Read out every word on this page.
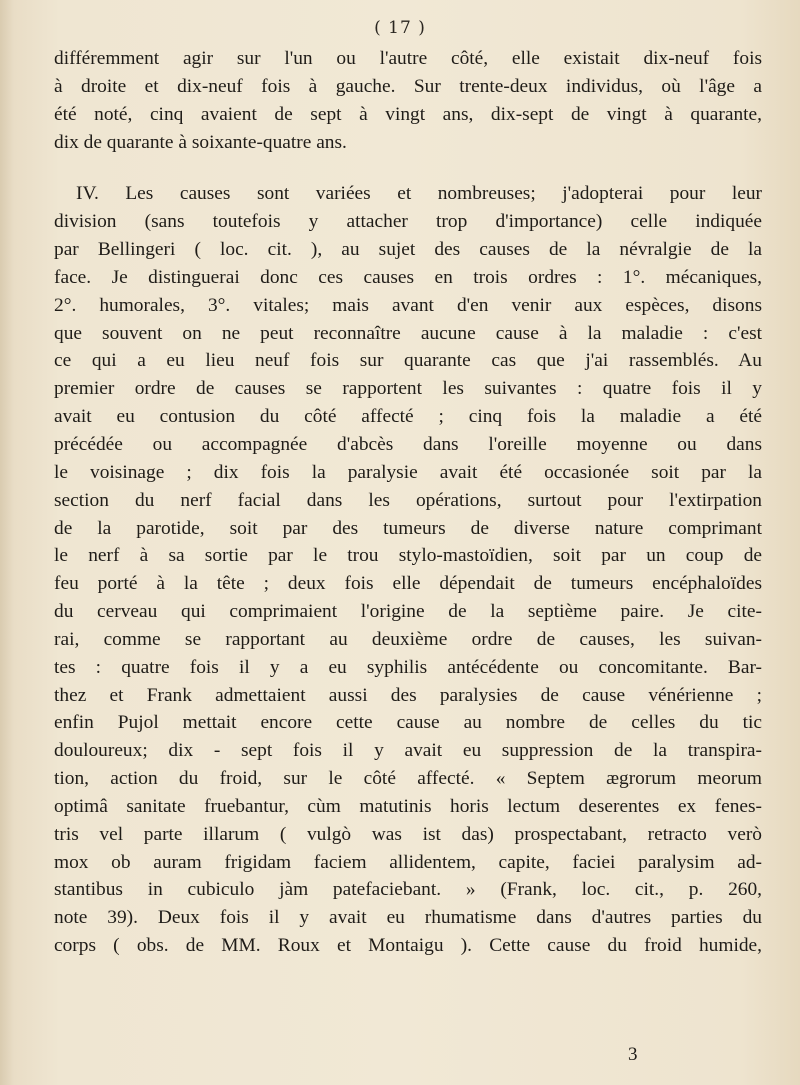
( 17 )
différemment agir sur l'un ou l'autre côté, elle existait dix-neuf fois
à droite et dix-neuf fois à gauche. Sur trente-deux individus, où l'âge a
été noté, cinq avaient de sept à vingt ans, dix-sept de vingt à quarante,
dix de quarante à soixante-quatre ans.
IV. Les causes sont variées et nombreuses; j'adopterai pour leur
division (sans toutefois y attacher trop d'importance) celle indiquée
par Bellingeri ( loc. cit. ), au sujet des causes de la névralgie de la
face. Je distinguerai donc ces causes en trois ordres : 1°. mécaniques,
2°. humorales, 3°. vitales; mais avant d'en venir aux espèces, disons
que souvent on ne peut reconnaître aucune cause à la maladie : c'est
ce qui a eu lieu neuf fois sur quarante cas que j'ai rassemblés. Au
premier ordre de causes se rapportent les suivantes : quatre fois il y
avait eu contusion du côté affecté ; cinq fois la maladie a été
précédée ou accompagnée d'abcès dans l'oreille moyenne ou dans
le voisinage ; dix fois la paralysie avait été occasionée soit par la
section du nerf facial dans les opérations, surtout pour l'extirpation
de la parotide, soit par des tumeurs de diverse nature comprimant
le nerf à sa sortie par le trou stylo-mastoïdien, soit par un coup de
feu porté à la tête ; deux fois elle dépendait de tumeurs encéphaloïdes
du cerveau qui comprimaient l'origine de la septième paire. Je cite-
rai, comme se rapportant au deuxième ordre de causes, les suivan-
tes : quatre fois il y a eu syphilis antécédente ou concomitante. Bar-
thez et Frank admettaient aussi des paralysies de cause vénérienne ;
enfin Pujol mettait encore cette cause au nombre de celles du tic
douloureux; dix - sept fois il y avait eu suppression de la transpira-
tion, action du froid, sur le côté affecté. « Septem ægrorum meorum
optimâ sanitate fruebantur, cùm matutinis horis lectum deserentes ex fenes-
tris vel parte illarum ( vulgò was ist das) prospectabant, retracto verò
mox ob auram frigidam faciem allidentem, capite, faciei paralysim ad-
stantibus in cubiculo jàm patefaciebant. » (Frank, loc. cit., p. 260,
note 39). Deux fois il y avait eu rhumatisme dans d'autres parties du
corps ( obs. de MM. Roux et Montaigu ). Cette cause du froid humide,
3
